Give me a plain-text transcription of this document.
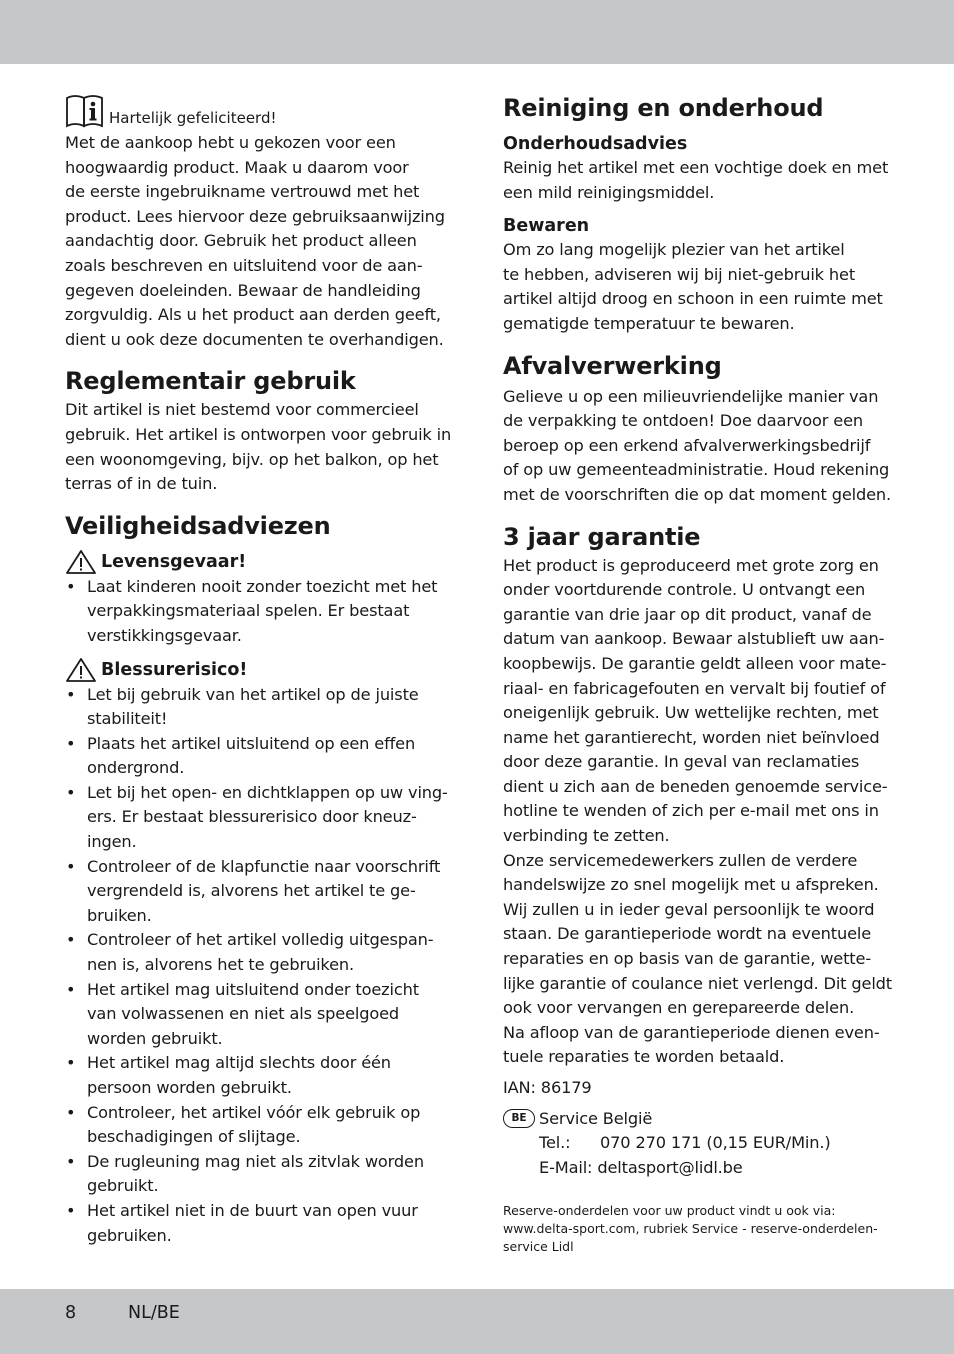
Hartelijk gefeliciteerd!
Met de aankoop hebt u gekozen voor een
hoogwaardig product. Maak u daarom voor
de eerste ingebruikname vertrouwd met het
product. Lees hiervoor deze gebruiksaanwijzing
aandachtig door. Gebruik het product alleen
zoals beschreven en uitsluitend voor de aan-
gegeven doeleinden. Bewaar de handleiding
zorgvuldig. Als u het product aan derden geeft,
dient u ook deze documenten te overhandigen.
Reglementair gebruik
Dit artikel is niet bestemd voor commercieel
gebruik. Het artikel is ontworpen voor gebruik in
een woonomgeving, bijv. op het balkon, op het
terras of in de tuin.
Veiligheidsadviezen
Levensgevaar!
• Laat kinderen nooit zonder toezicht met het
verpakkingsmateriaal spelen. Er bestaat
verstikkingsgevaar.
Blessurerisico!
• Let bij gebruik van het artikel op de juiste
stabiliteit!
• Plaats het artikel uitsluitend op een effen
ondergrond.
• Let bij het open- en dichtklappen op uw ving-
ers. Er bestaat blessurerisico door kneuz-
ingen.
• Controleer of de klapfunctie naar voorschrift
vergrendeld is, alvorens het artikel te ge-
bruiken.
• Controleer of het artikel volledig uitgespan-
nen is, alvorens het te gebruiken.
• Het artikel mag uitsluitend onder toezicht
van volwassenen en niet als speelgoed
worden gebruikt.
• Het artikel mag altijd slechts door één
persoon worden gebruikt.
• Controleer, het artikel vóór elk gebruik op
beschadigingen of slijtage.
• De rugleuning mag niet als zitvlak worden
gebruikt.
• Het artikel niet in de buurt van open vuur
gebruiken.
Reiniging en onderhoud
Onderhoudsadvies
Reinig het artikel met een vochtige doek en met
een mild reinigingsmiddel.
Bewaren
Om zo lang mogelijk plezier van het artikel
te hebben, adviseren wij bij niet-gebruik het
artikel altijd droog en schoon in een ruimte met
gematigde temperatuur te bewaren.
Afvalverwerking
Gelieve u op een milieuvriendelijke manier van
de verpakking te ontdoen! Doe daarvoor een
beroep op een erkend afvalverwerkingsbedrijf
of op uw gemeenteadministratie. Houd rekening
met de voorschriften die op dat moment gelden.
3 jaar garantie
Het product is geproduceerd met grote zorg en
onder voortdurende controle. U ontvangt een
garantie van drie jaar op dit product, vanaf de
datum van aankoop. Bewaar alstublieft uw aan-
koopbewijs. De garantie geldt alleen voor mate-
riaal- en fabricagefouten en vervalt bij foutief of
oneigenlijk gebruik. Uw wettelijke rechten, met
name het garantierecht, worden niet beïnvloed
door deze garantie. In geval van reclamaties
dient u zich aan de beneden genoemde service-
hotline te wenden of zich per e-mail met ons in
verbinding te zetten.
Onze servicemedewerkers zullen de verdere
handelswijze zo snel mogelijk met u afspreken.
Wij zullen u in ieder geval persoonlijk te woord
staan. De garantieperiode wordt na eventuele
reparaties en op basis van de garantie, wette-
lijke garantie of coulance niet verlengd. Dit geldt
ook voor vervangen en gerepareerde delen.
Na afloop van de garantieperiode dienen even-
tuele reparaties te worden betaald.
IAN: 86179
BE Service België
Tel.: 070 270 171 (0,15 EUR/Min.)
E-Mail: deltasport@lidl.be
Reserve-onderdelen voor uw product vindt u ook via:
www.delta-sport.com, rubriek Service - reserve-onderdelen-
service Lidl
8	NL/BE
